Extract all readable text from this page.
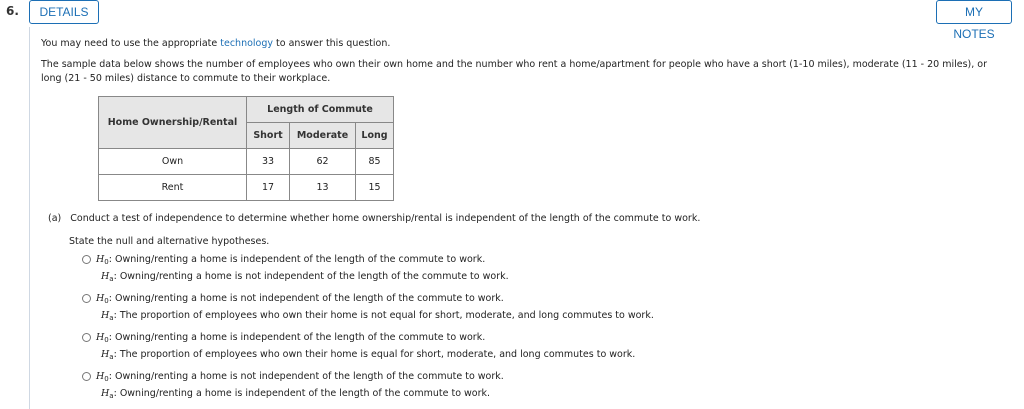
6.	DETAILS	MY NOTES
You may need to use the appropriate technology to answer this question.
The sample data below shows the number of employees who own their own home and the number who rent a home/apartment for people who have a short (1-10 miles), moderate (11 - 20 miles), or
long (21 - 50 miles) distance to commute to their workplace.
Home Ownership/Rental	Length of Commute		
	Short	Moderate	Long
Own	33	62	85
Rent	17	13	15
(a) Conduct a test of independence to determine whether home ownership/rental is independent of the length of the commute to work.
State the null and alternative hypotheses.
$H_0$: Owning/renting a home is independent of the length of the commute to work.
$H_a$: Owning/renting a home is not independent of the length of the commute to work.
$H_0$: Owning/renting a home is not independent of the length of the commute to work.
$H_a$: The proportion of employees who own their home is not equal for short, moderate, and long commutes to work.
$H_0$: Owning/renting a home is independent of the length of the commute to work.
$H_a$: The proportion of employees who own their home is equal for short, moderate, and long commutes to work.
$H_0$: Owning/renting a home is not independent of the length of the commute to work.
$H_a$: Owning/renting a home is independent of the length of the commute to work.
